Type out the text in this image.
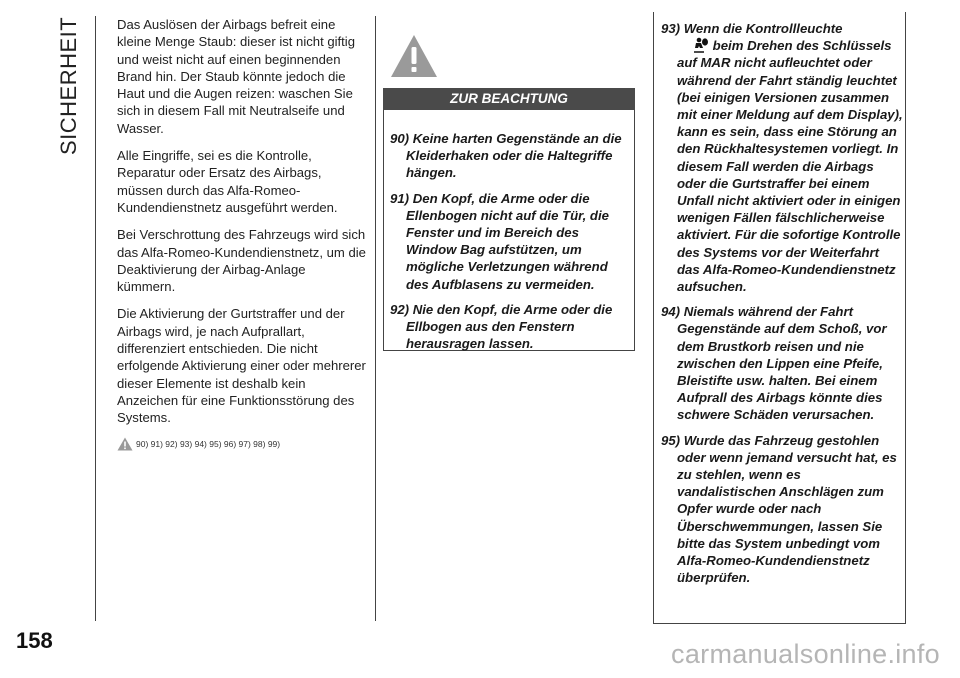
SICHERHEIT
158

Das Auslösen der Airbags befreit eine kleine Menge Staub: dieser ist nicht giftig und weist nicht auf einen beginnenden Brand hin. Der Staub könnte jedoch die Haut und die Augen reizen: waschen Sie sich in diesem Fall mit Neutralseife und Wasser.

Alle Eingriffe, sei es die Kontrolle, Reparatur oder Ersatz des Airbags, müssen durch das Alfa-Romeo-Kundendienstnetz ausgeführt werden.

Bei Verschrottung des Fahrzeugs wird sich das Alfa-Romeo-Kundendienstnetz, um die Deaktivierung der Airbag-Anlage kümmern.

Die Aktivierung der Gurtstraffer und der Airbags wird, je nach Aufprallart, differenziert entschieden. Die nicht erfolgende Aktivierung einer oder mehrerer dieser Elemente ist deshalb kein Anzeichen für eine Funktionsstörung des Systems.

90) 91) 92) 93) 94) 95) 96) 97) 98) 99)
ZUR BEACHTUNG

90) Keine harten Gegenstände an die Kleiderhaken oder die Haltegriffe hängen.

91) Den Kopf, die Arme oder die Ellenbogen nicht auf die Tür, die Fenster und im Bereich des Window Bag aufstützen, um mögliche Verletzungen während des Aufblasens zu vermeiden.

92) Nie den Kopf, die Arme oder die Ellbogen aus den Fenstern herausragen lassen.

93) Wenn die Kontrollleuchte
beim Drehen des Schlüssels auf MAR nicht aufleuchtet oder während der Fahrt ständig leuchtet (bei einigen Versionen zusammen mit einer Meldung auf dem Display), kann es sein, dass eine Störung an den Rückhaltesystemen vorliegt. In diesem Fall werden die Airbags oder die Gurtstraffer bei einem Unfall nicht aktiviert oder in einigen wenigen Fällen fälschlicherweise aktiviert. Für die sofortige Kontrolle des Systems vor der Weiterfahrt das Alfa-Romeo-Kundendienstnetz aufsuchen.

94) Niemals während der Fahrt Gegenstände auf dem Schoß, vor dem Brustkorb reisen und nie zwischen den Lippen eine Pfeife, Bleistifte usw. halten. Bei einem Aufprall des Airbags könnte dies schwere Schäden verursachen.

95) Wurde das Fahrzeug gestohlen oder wenn jemand versucht hat, es zu stehlen, wenn es vandalistischen Anschlägen zum Opfer wurde oder nach Überschwemmungen, lassen Sie bitte das System unbedingt vom Alfa-Romeo-Kundendienstnetz überprüfen.

carmanualsonline.info
